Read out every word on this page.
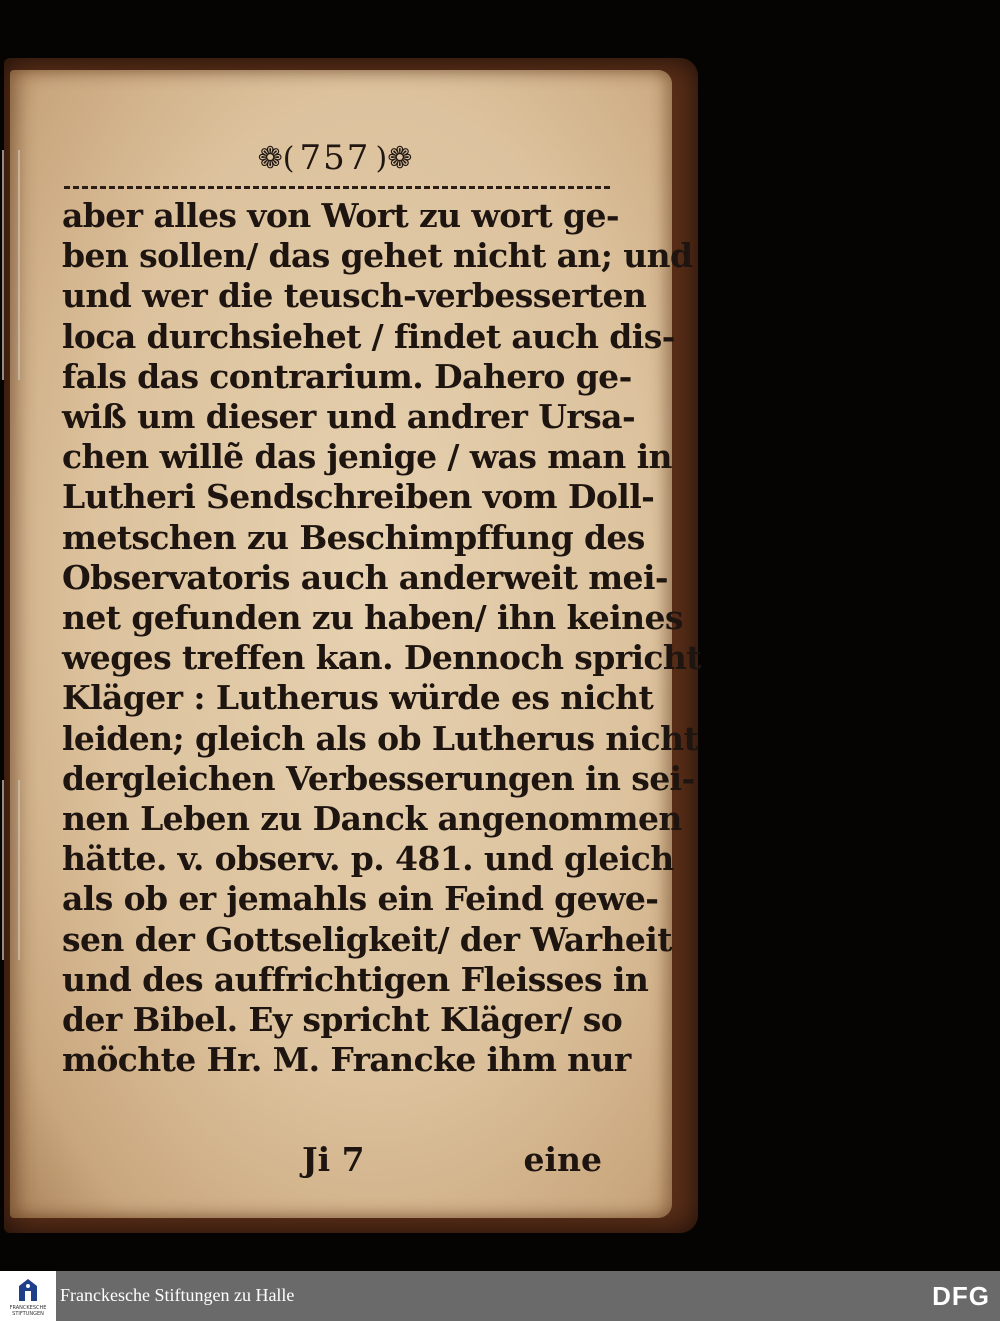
❁( 757 )❁
aber alles von Wort zu wort ge-
ben sollen/ das gehet nicht an; und
und wer die teusch-verbesserten
loca durchsiehet / findet auch dis-
fals das contrarium. Dahero ge-
wiß um dieser und andrer Ursa-
chen willẽ das jenige / was man in
Lutheri Sendschreiben vom Doll-
metschen zu Beschimpffung des
Observatoris auch anderweit mei-
net gefunden zu haben/ ihn keines
weges treffen kan. Dennoch spricht
Kläger : Lutherus würde es nicht
leiden; gleich als ob Lutherus nicht
dergleichen Verbesserungen in sei-
nen Leben zu Danck angenommen
hätte. v. observ. p. 481. und gleich
als ob er jemahls ein Feind gewe-
sen der Gottseligkeit/ der Warheit
und des auffrichtigen Fleisses in
der Bibel. Ey spricht Kläger/ so
möchte Hr. M. Francke ihm nur
Ji 7	eine
FRANCKESCHE STIFTUNGEN
Franckesche Stiftungen zu Halle	DFG
